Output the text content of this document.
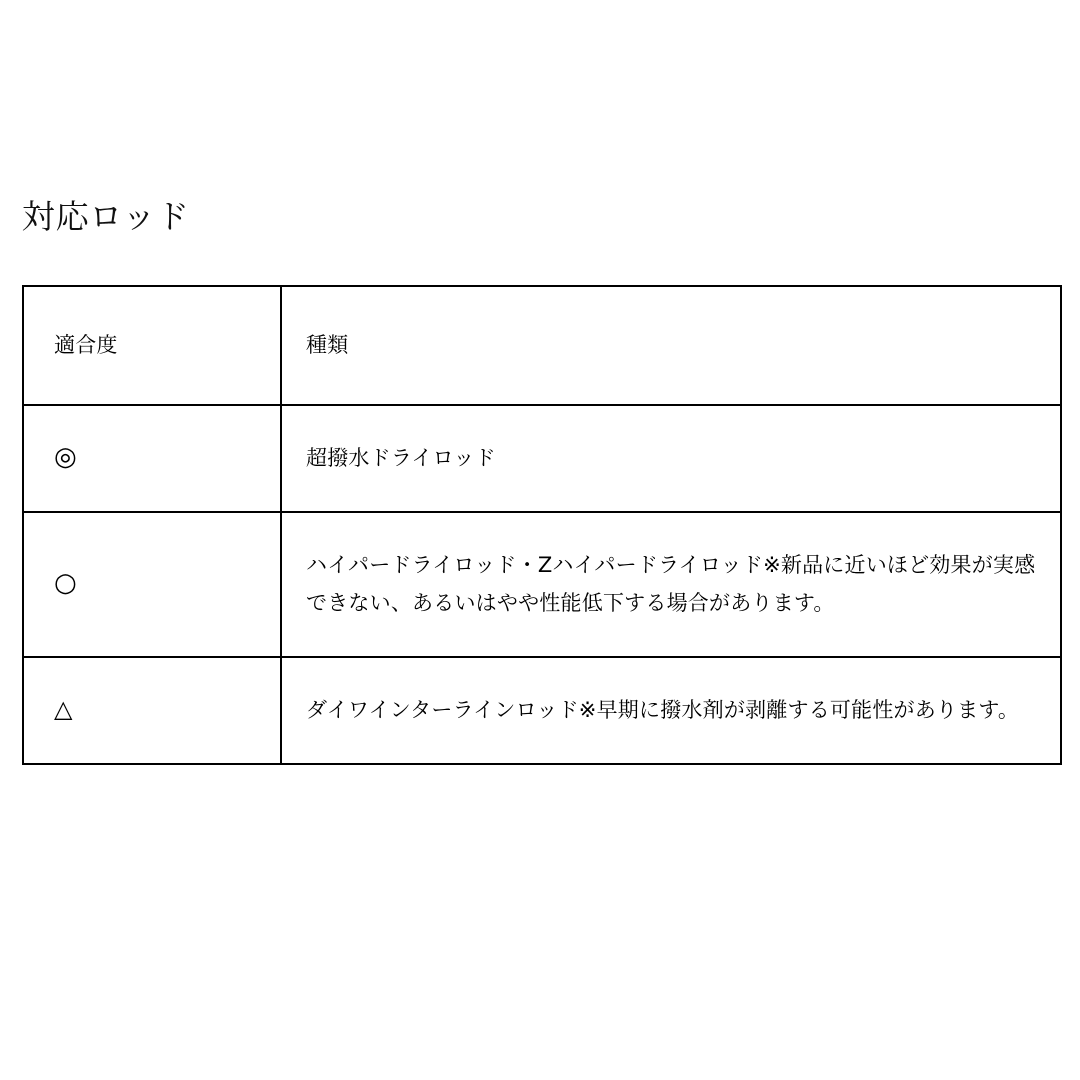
対応ロッド
適合度	種類

◎	超撥水ドライロッド

○	ハイパードライロッド・Zハイパードライロッド※新品に近いほど効果が実感できない、あるいはやや性能低下する場合があります。

△	ダイワインターラインロッド※早期に撥水剤が剥離する可能性があります。
